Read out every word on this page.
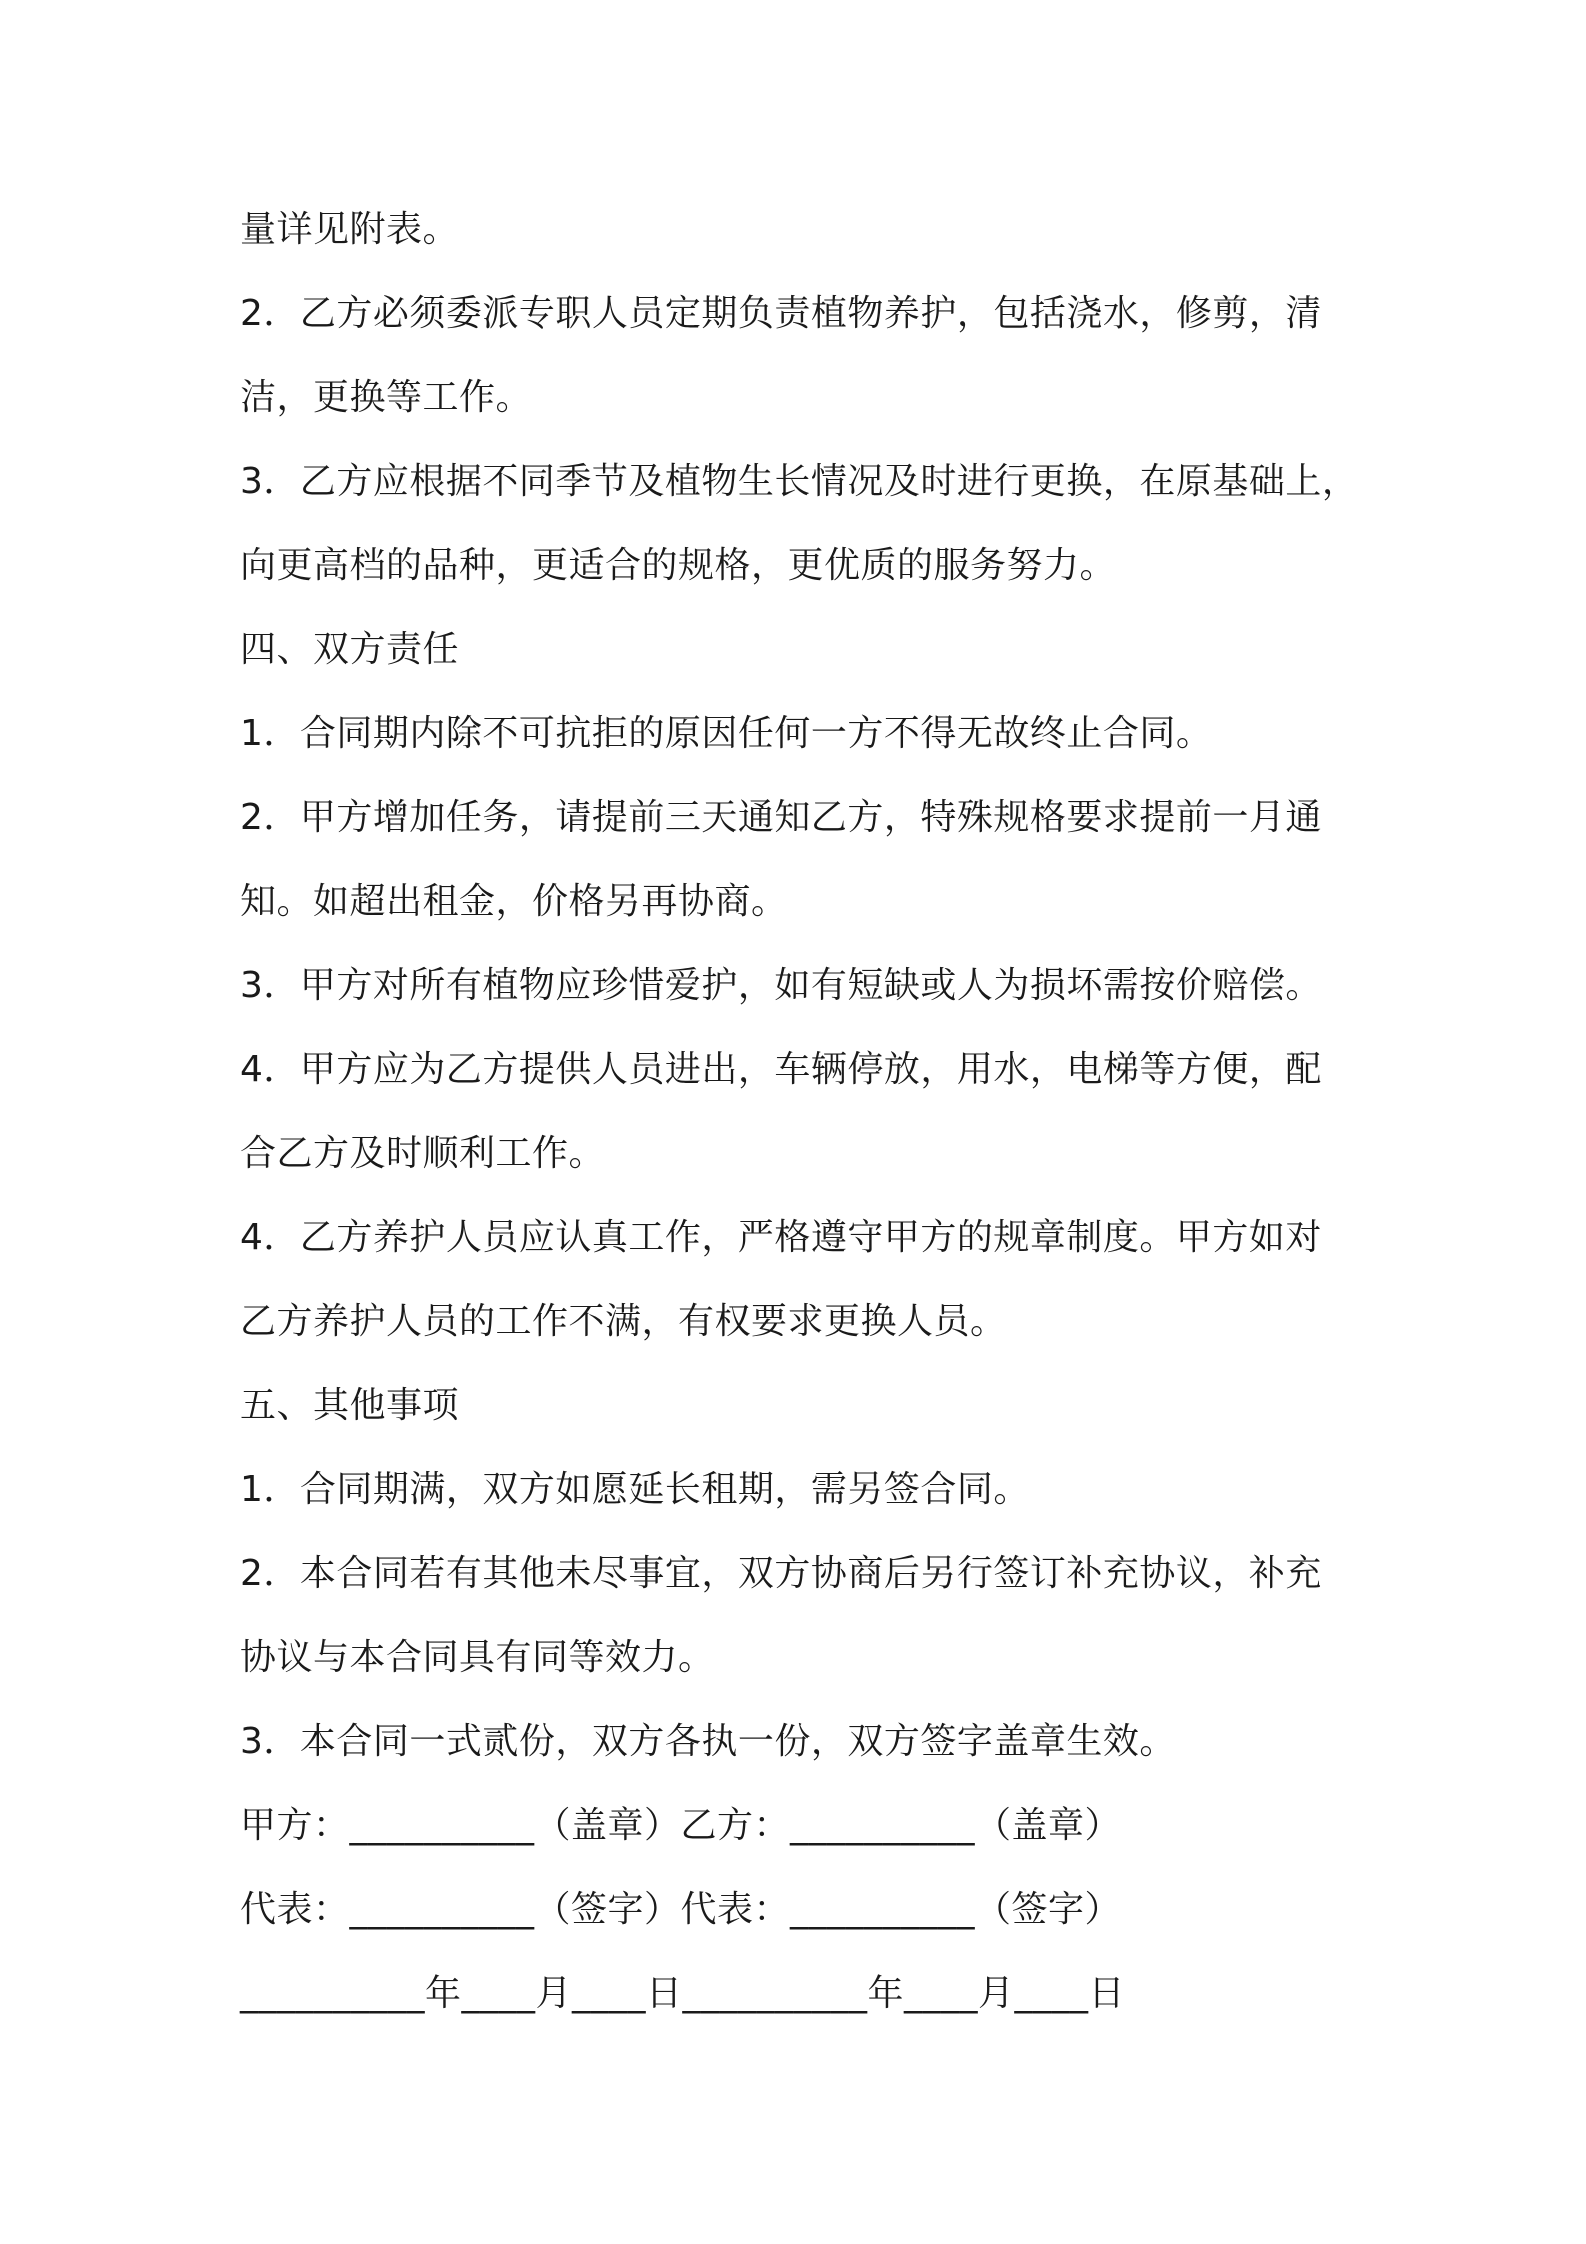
量详见附表。
2．乙方必须委派专职人员定期负责植物养护，包括浇水，修剪，清
洁，更换等工作。
3．乙方应根据不同季节及植物生长情况及时进行更换，在原基础上，
向更高档的品种，更适合的规格，更优质的服务努力。
四、双方责任
1．合同期内除不可抗拒的原因任何一方不得无故终止合同。
2．甲方增加任务，请提前三天通知乙方，特殊规格要求提前一月通
知。如超出租金，价格另再协商。
3．甲方对所有植物应珍惜爱护，如有短缺或人为损坏需按价赔偿。
4．甲方应为乙方提供人员进出，车辆停放，用水，电梯等方便，配
合乙方及时顺利工作。
4．乙方养护人员应认真工作，严格遵守甲方的规章制度。甲方如对
乙方养护人员的工作不满，有权要求更换人员。
五、其他事项
1．合同期满，双方如愿延长租期，需另签合同。
2．本合同若有其他未尽事宜，双方协商后另行签订补充协议，补充
协议与本合同具有同等效力。
3．本合同一式贰份，双方各执一份，双方签字盖章生效。
甲方：__________（盖章）乙方：__________（盖章）
代表：__________（签字）代表：__________（签字）
__________年____月____日__________年____月____日
